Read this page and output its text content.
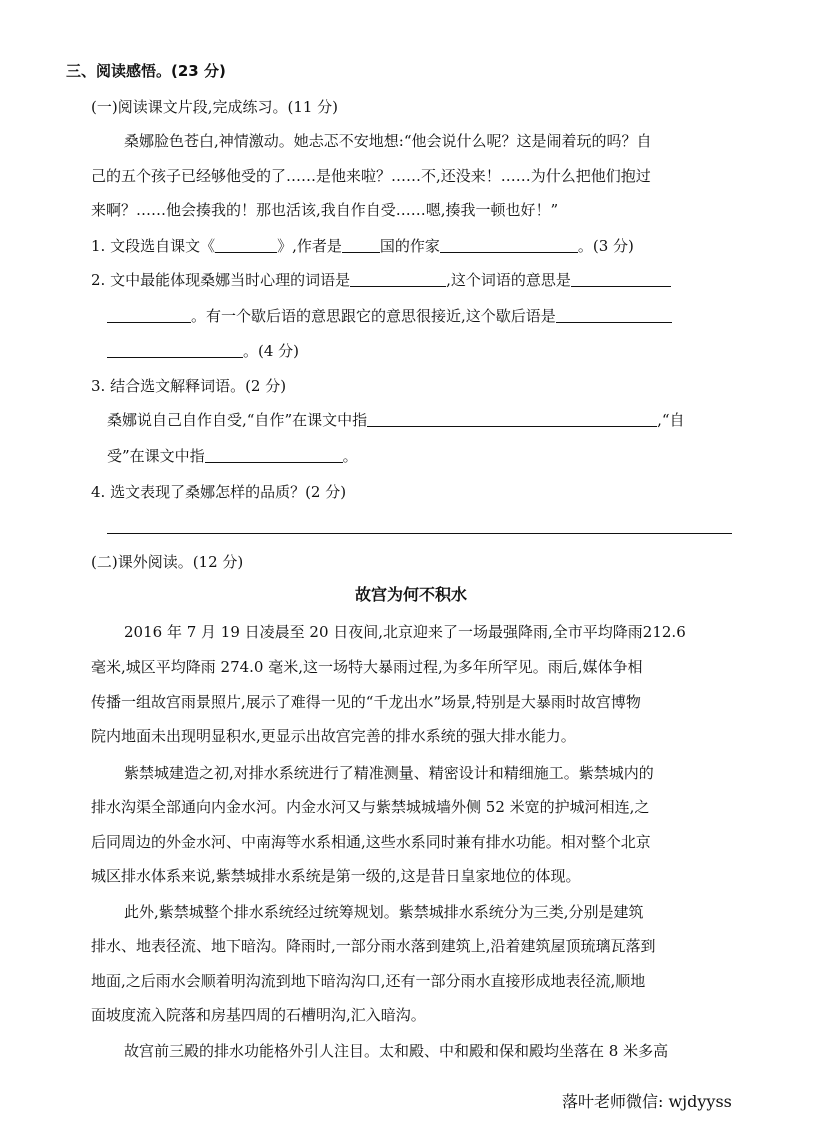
三、阅读感悟。(23 分)
(一)阅读课文片段,完成练习。(11 分)
桑娜脸色苍白,神情激动。她忐忑不安地想:“他会说什么呢？这是闹着玩的吗？自
己的五个孩子已经够他受的了……是他来啦？……不,还没来！……为什么把他们抱过
来啊？……他会揍我的！那也活该,我自作自受……嗯,揍我一顿也好！”
1. 文段选自课文《	》,作者是	国的作家	。(3 分)
2. 文中最能体现桑娜当时心理的词语是	,这个词语的意思是
。有一个歇后语的意思跟它的意思很接近,这个歇后语是
。(4 分)
3. 结合选文解释词语。(2 分)
桑娜说自己自作自受,“自作”在课文中指	,“自
受”在课文中指	。
4. 选文表现了桑娜怎样的品质？(2 分)
(二)课外阅读。(12 分)
故宫为何不积水
2016 年 7 月 19 日凌晨至 20 日夜间,北京迎来了一场最强降雨,全市平均降雨212.6
毫米,城区平均降雨 274.0 毫米,这一场特大暴雨过程,为多年所罕见。雨后,媒体争相
传播一组故宫雨景照片,展示了难得一见的“千龙出水”场景,特别是大暴雨时故宫博物
院内地面未出现明显积水,更显示出故宫完善的排水系统的强大排水能力。
紫禁城建造之初,对排水系统进行了精准测量、精密设计和精细施工。紫禁城内的
排水沟渠全部通向内金水河。内金水河又与紫禁城城墙外侧 52 米宽的护城河相连,之
后同周边的外金水河、中南海等水系相通,这些水系同时兼有排水功能。相对整个北京
城区排水体系来说,紫禁城排水系统是第一级的,这是昔日皇家地位的体现。
此外,紫禁城整个排水系统经过统筹规划。紫禁城排水系统分为三类,分别是建筑
排水、地表径流、地下暗沟。降雨时,一部分雨水落到建筑上,沿着建筑屋顶琉璃瓦落到
地面,之后雨水会顺着明沟流到地下暗沟沟口,还有一部分雨水直接形成地表径流,顺地
面坡度流入院落和房基四周的石槽明沟,汇入暗沟。
故宫前三殿的排水功能格外引人注目。太和殿、中和殿和保和殿均坐落在 8 米多高
落叶老师微信: wjdyyss
